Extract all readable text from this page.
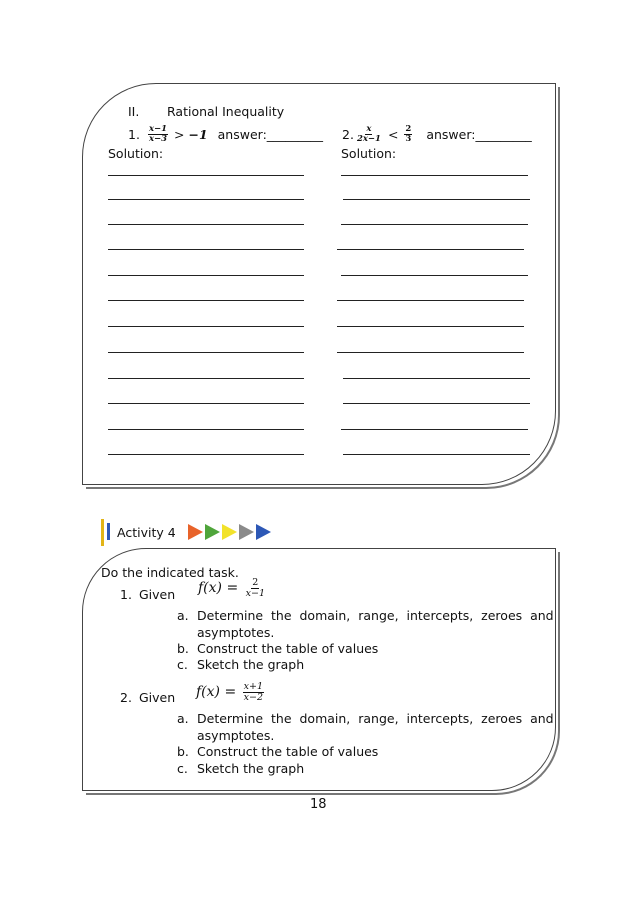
II. Rational Inequality
1. $\frac{x-1}{x-3} > -1$ answer:_________ 2. $\frac{x}{2x-1} < \frac{2}{3}$ answer:_________
Solution:	Solution:
Activity 4
Do the indicated task.
1. Given $f(x) = \frac{2}{x-1}$
a. Determine  the  domain,  range,  intercepts,  zeroes  and
asymptotes.
b. Construct the table of values
c. Sketch the graph
2. Given $f(x) = \frac{x+1}{x-2}$
a. Determine  the  domain,  range,  intercepts,  zeroes  and
asymptotes.
b. Construct the table of values
c. Sketch the graph
18
